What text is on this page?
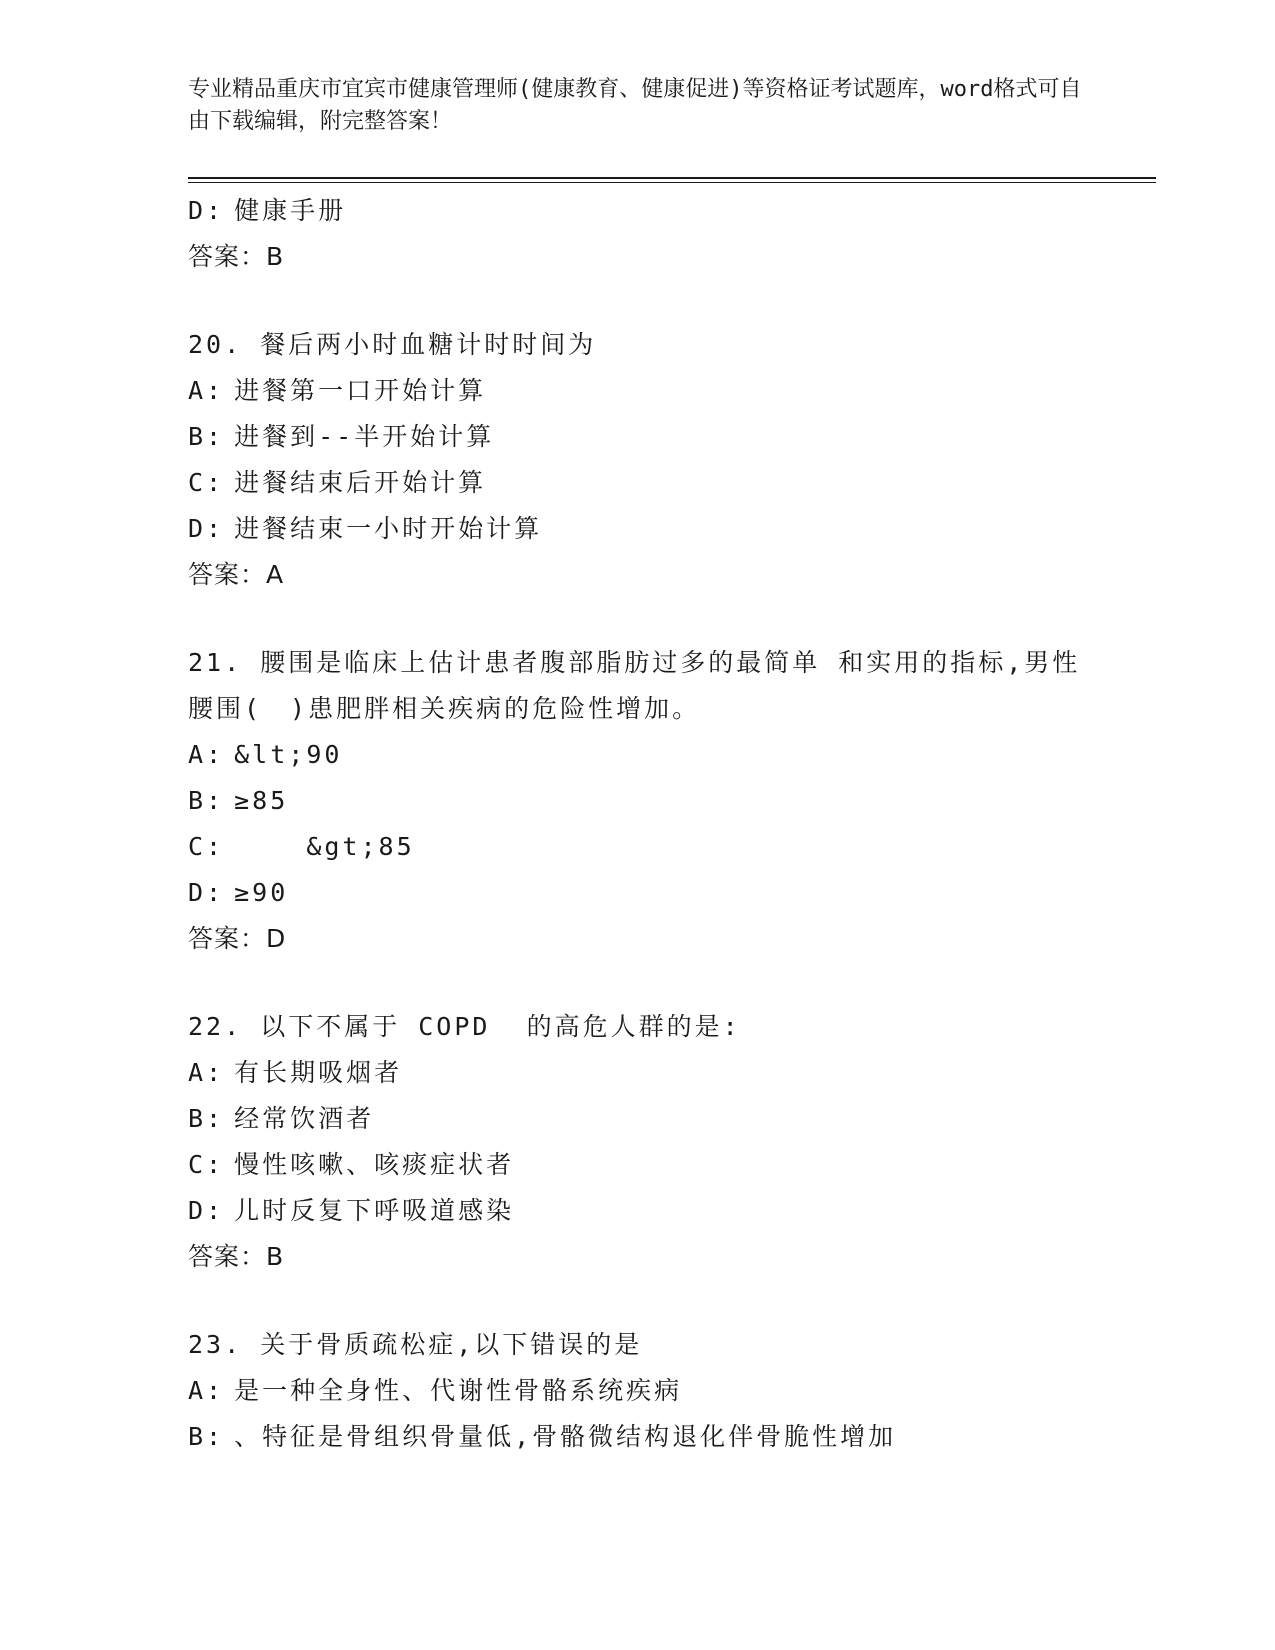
专业精品重庆市宜宾市健康管理师(健康教育、健康促进)等资格证考试题库，word格式可自由下载编辑，附完整答案！
D: 健康手册
答案：B
20. 餐后两小时血糖计时时间为
A: 进餐第一口开始计算
B: 进餐到--半开始计算
C: 进餐结束后开始计算
D: 进餐结束一小时开始计算
答案：A
21. 腰围是临床上估计患者腹部脂肪过多的最简单 和实用的指标,男性腰围(　)患肥胖相关疾病的危险性增加。
A: &lt;90
B: ≥85
C:    &gt;85
D: ≥90
答案：D
22. 以下不属于 COPD  的高危人群的是:
A: 有长期吸烟者
B: 经常饮酒者
C: 慢性咳嗽、咳痰症状者
D: 儿时反复下呼吸道感染
答案：B
23. 关于骨质疏松症,以下错误的是
A: 是一种全身性、代谢性骨骼系统疾病
B: 、特征是骨组织骨量低,骨骼微结构退化伴骨脆性增加
